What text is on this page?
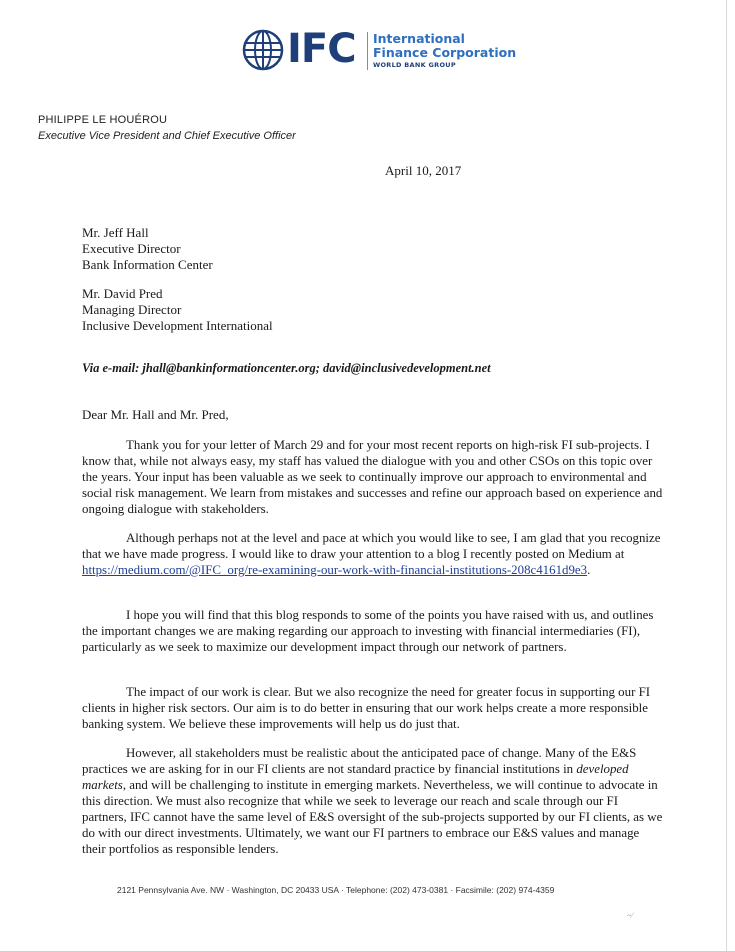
IFC International
Finance Corporation
WORLD BANK GROUP
PHILIPPE LE HOUÉROU
Executive Vice President and Chief Executive Officer
April 10, 2017
Mr. Jeff Hall
Executive Director
Bank Information Center
Mr. David Pred
Managing Director
Inclusive Development International
Via e-mail: jhall@bankinformationcenter.org; david@inclusivedevelopment.net
Dear Mr. Hall and Mr. Pred,
Thank you for your letter of March 29 and for your most recent reports on high-risk FI sub-projects. I know that, while not always easy, my staff has valued the dialogue with you and other CSOs on this topic over the years. Your input has been valuable as we seek to continually improve our approach to environmental and social risk management. We learn from mistakes and successes and refine our approach based on experience and ongoing dialogue with stakeholders.
Although perhaps not at the level and pace at which you would like to see, I am glad that you recognize that we have made progress. I would like to draw your attention to a blog I recently posted on Medium at https://medium.com/@IFC_org/re-examining-our-work-with-financial-institutions-208c4161d9e3.
I hope you will find that this blog responds to some of the points you have raised with us, and outlines the important changes we are making regarding our approach to investing with financial intermediaries (FI), particularly as we seek to maximize our development impact through our network of partners.
The impact of our work is clear. But we also recognize the need for greater focus in supporting our FI clients in higher risk sectors. Our aim is to do better in ensuring that our work helps create a more responsible banking system. We believe these improvements will help us do just that.
However, all stakeholders must be realistic about the anticipated pace of change. Many of the E&S practices we are asking for in our FI clients are not standard practice by financial institutions in developed markets, and will be challenging to institute in emerging markets. Nevertheless, we will continue to advocate in this direction. We must also recognize that while we seek to leverage our reach and scale through our FI partners, IFC cannot have the same level of E&S oversight of the sub-projects supported by our FI clients, as we do with our direct investments. Ultimately, we want our FI partners to embrace our E&S values and manage their portfolios as responsible lenders.
2121 Pennsylvania Ave. NW · Washington, DC 20433 USA · Telephone: (202) 473-0381 · Facsimile: (202) 974-4359
~⁄
